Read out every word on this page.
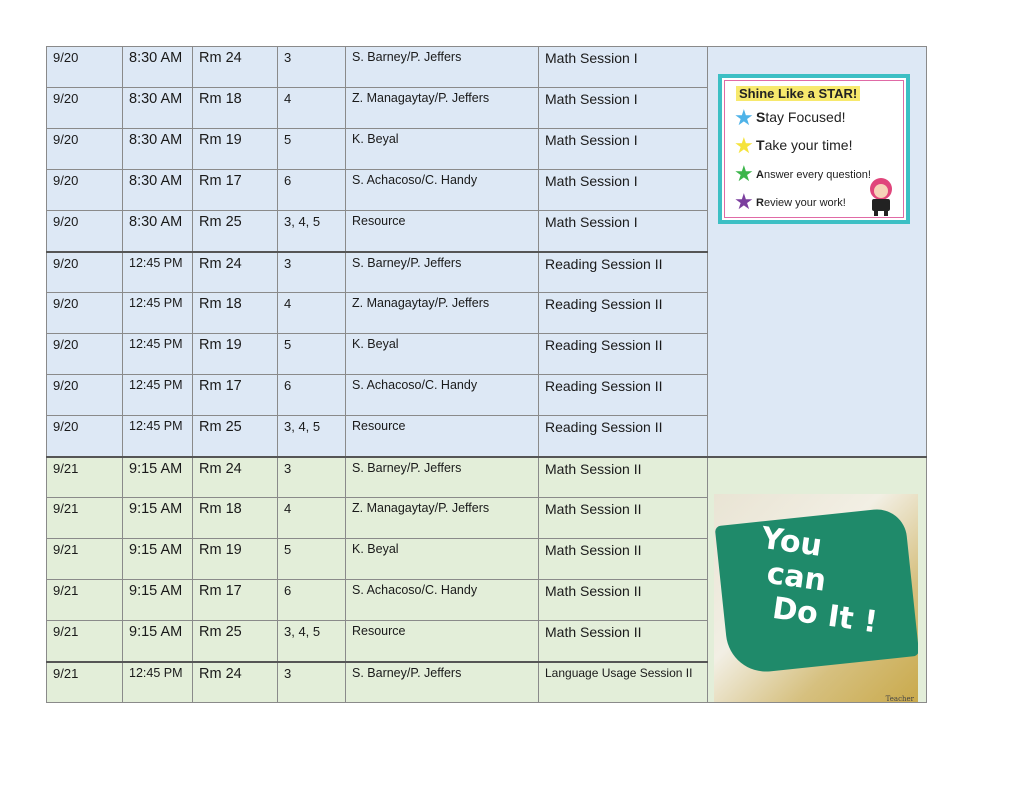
9/20	8:30 AM	Rm 24	3	S. Barney/P. Jeffers	Math Session I	Shine Like a STAR!
★ Stay Focused!
★ Take your time!
★ Answer every question!
★ Review your work!

9/20	8:30 AM	Rm 18	4	Z. Managaytay/P. Jeffers	Math Session I	
9/20	8:30 AM	Rm 19	5	K. Beyal	Math Session I	
9/20	8:30 AM	Rm 17	6	S. Achacoso/C. Handy	Math Session I	
9/20	8:30 AM	Rm 25	3, 4, 5	Resource	Math Session I	
9/20	12:45 PM	Rm 24	3	S. Barney/P. Jeffers	Reading Session II	
9/20	12:45 PM	Rm 18	4	Z. Managaytay/P. Jeffers	Reading Session II	
9/20	12:45 PM	Rm 19	5	K. Beyal	Reading Session II	
9/20	12:45 PM	Rm 17	6	S. Achacoso/C. Handy	Reading Session II	
9/20	12:45 PM	Rm 25	3, 4, 5	Resource	Reading Session II	
9/21	9:15 AM	Rm 24	3	S. Barney/P. Jeffers	Math Session II	You
can
Do It !
Teacher

9/21	9:15 AM	Rm 18	4	Z. Managaytay/P. Jeffers	Math Session II	
9/21	9:15 AM	Rm 19	5	K. Beyal	Math Session II	
9/21	9:15 AM	Rm 17	6	S. Achacoso/C. Handy	Math Session II	
9/21	9:15 AM	Rm 25	3, 4, 5	Resource	Math Session II	
9/21	12:45 PM	Rm 24	3	S. Barney/P. Jeffers	Language Usage Session II	
